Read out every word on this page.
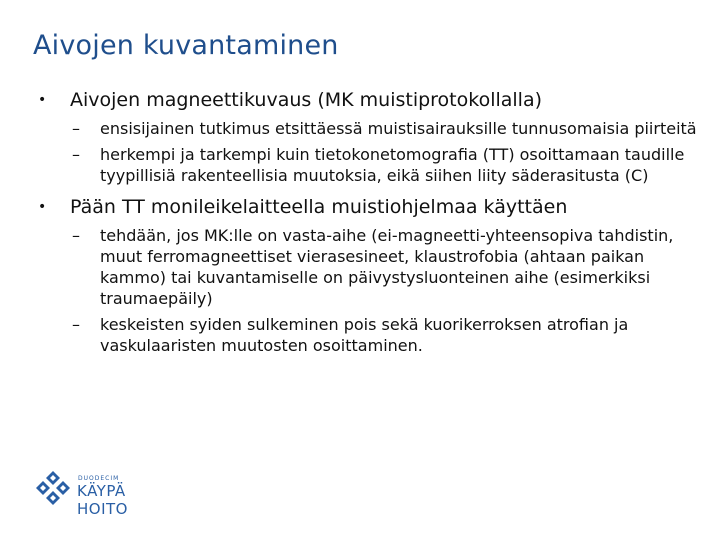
Aivojen kuvantaminen
• Aivojen magneettikuvaus (MK muistiprotokollalla)
– ensisijainen tutkimus etsittäessä muistisairauksille tunnusomaisia piirteitä
– herkempi ja tarkempi kuin tietokonetomografia (TT) osoittamaan taudille tyypillisiä rakenteellisia muutoksia, eikä siihen liity säderasitusta (C)
• Pään TT monileikelaitteella muistiohjelmaa käyttäen
– tehdään, jos MK:lle on vasta-aihe (ei-magneetti-yhteensopiva tahdistin, muut ferromagneettiset vierasesineet, klaustrofobia (ahtaan paikan kammo) tai kuvantamiselle on päivystysluonteinen aihe (esimerkiksi traumaepäily)
– keskeisten syiden sulkeminen pois sekä kuorikerroksen atrofian ja vaskulaaristen muutosten osoittaminen.
DUODECIM
KÄYPÄ HOITO
